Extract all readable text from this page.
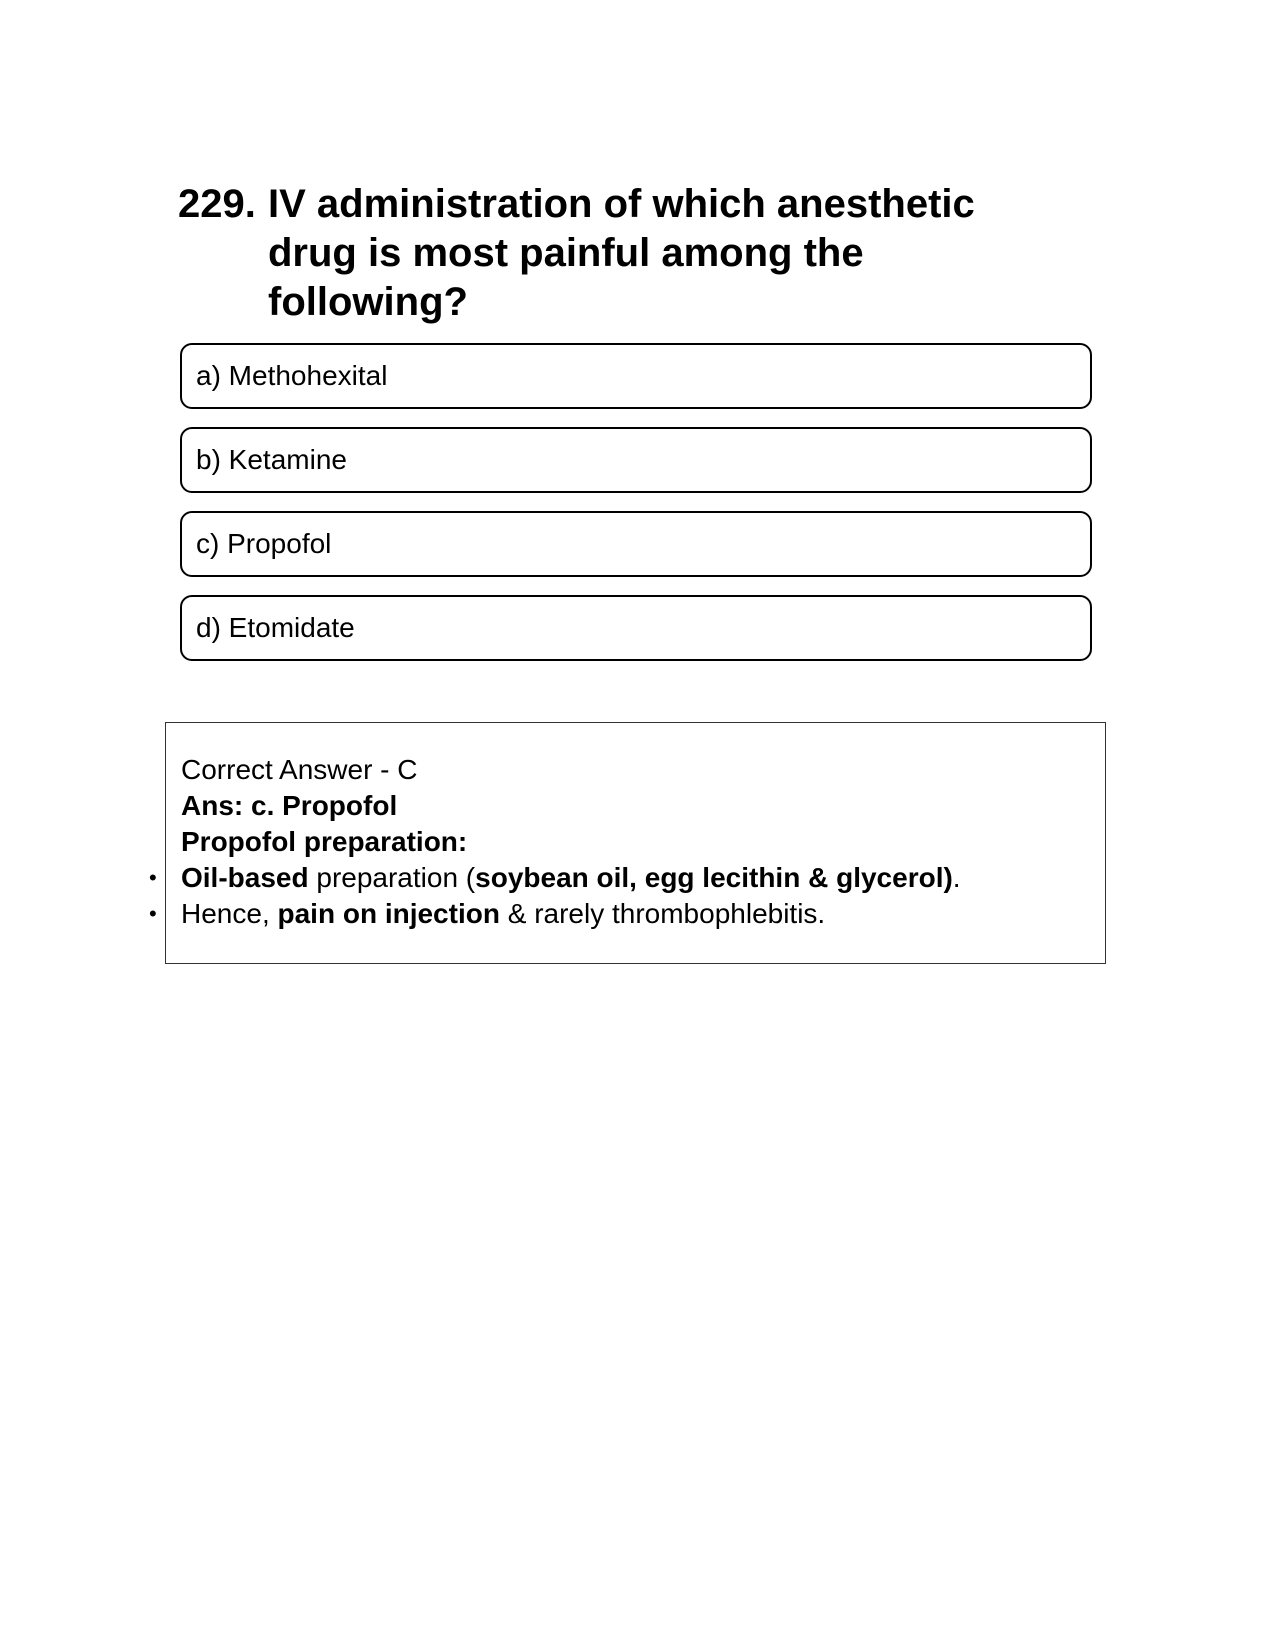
229. IV administration of which anesthetic drug is most painful among the following?
a) Methohexital
b) Ketamine
c) Propofol
d) Etomidate
Correct Answer - C
Ans: c. Propofol
Propofol preparation:
• Oil-based preparation (soybean oil, egg lecithin & glycerol).
• Hence, pain on injection & rarely thrombophlebitis.
